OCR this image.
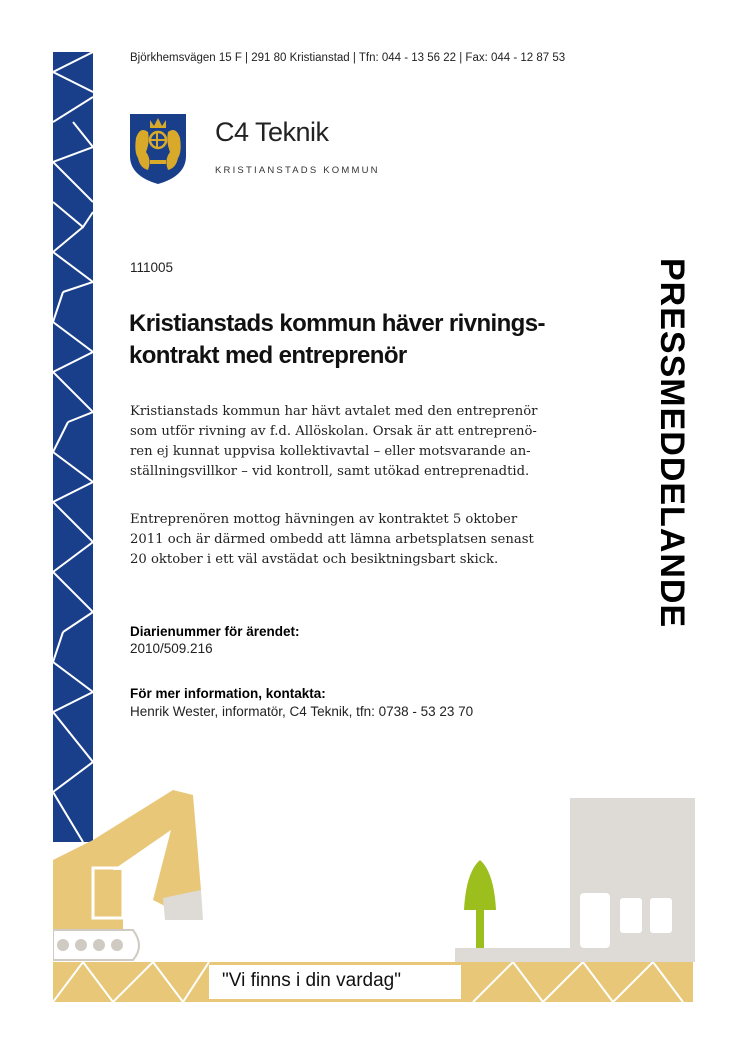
Björkhemsvägen 15 F | 291 80 Kristianstad | Tfn: 044 - 13 56 22 | Fax: 044 - 12 87 53
C4 Teknik
KRISTIANSTADS KOMMUN
111005
Kristianstads kommun häver rivnings-
kontrakt med entreprenör
Kristianstads kommun har hävt avtalet med den entreprenör
som utför rivning av f.d. Allöskolan. Orsak är att entreprenö-
ren ej kunnat uppvisa kollektivavtal – eller motsvarande an-
ställningsvillkor – vid kontroll, samt utökad entreprenadtid.
Entreprenören mottog hävningen av kontraktet 5 oktober
2011 och är därmed ombedd att lämna arbetsplatsen senast
20 oktober i ett väl avstädat och besiktningsbart skick.
Diarienummer för ärendet:
2010/509.216
För mer information, kontakta:
Henrik Wester, informatör, C4 Teknik, tfn: 0738 - 53 23 70
PRESSMEDDELANDE
"Vi finns i din vardag"
